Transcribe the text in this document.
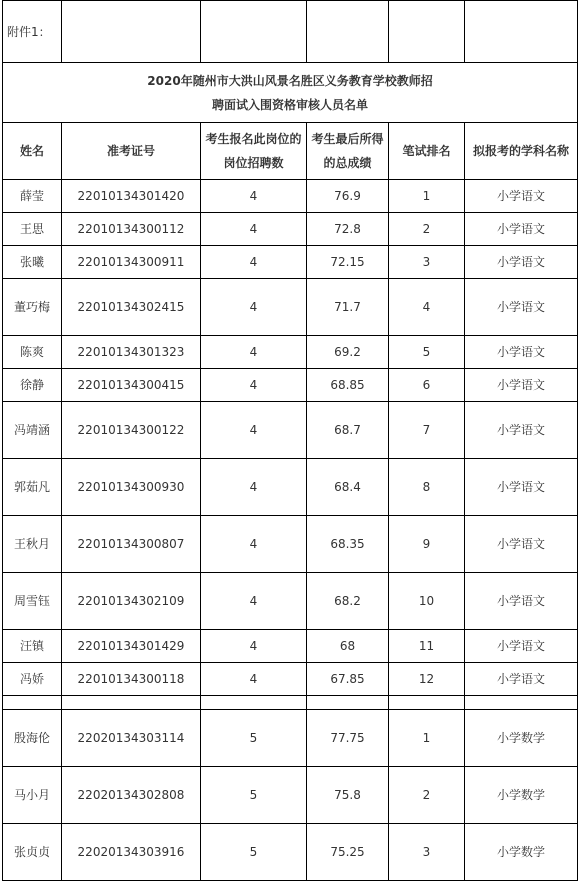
附件1：					
2020年随州市大洪山风景名胜区义务教育学校教师招聘面试入围资格审核人员名单					
姓名	准考证号	考生报名此岗位的岗位招聘数	考生最后所得的总成绩	笔试排名	拟报考的学科名称
薛莹	22010134301420	4	76.9	1	小学语文
王思	22010134300112	4	72.8	2	小学语文
张曦	22010134300911	4	72.15	3	小学语文
董巧梅	22010134302415	4	71.7	4	小学语文
陈爽	22010134301323	4	69.2	5	小学语文
徐静	22010134300415	4	68.85	6	小学语文
冯靖涵	22010134300122	4	68.7	7	小学语文
郭茹凡	22010134300930	4	68.4	8	小学语文
王秋月	22010134300807	4	68.35	9	小学语文
周雪钰	22010134302109	4	68.2	10	小学语文
汪镇	22010134301429	4	68	11	小学语文
冯娇	22010134300118	4	67.85	12	小学语文

殷海伦	22020134303114	5	77.75	1	小学数学
马小月	22020134302808	5	75.8	2	小学数学
张贞贞	22020134303916	5	75.25	3	小学数学
